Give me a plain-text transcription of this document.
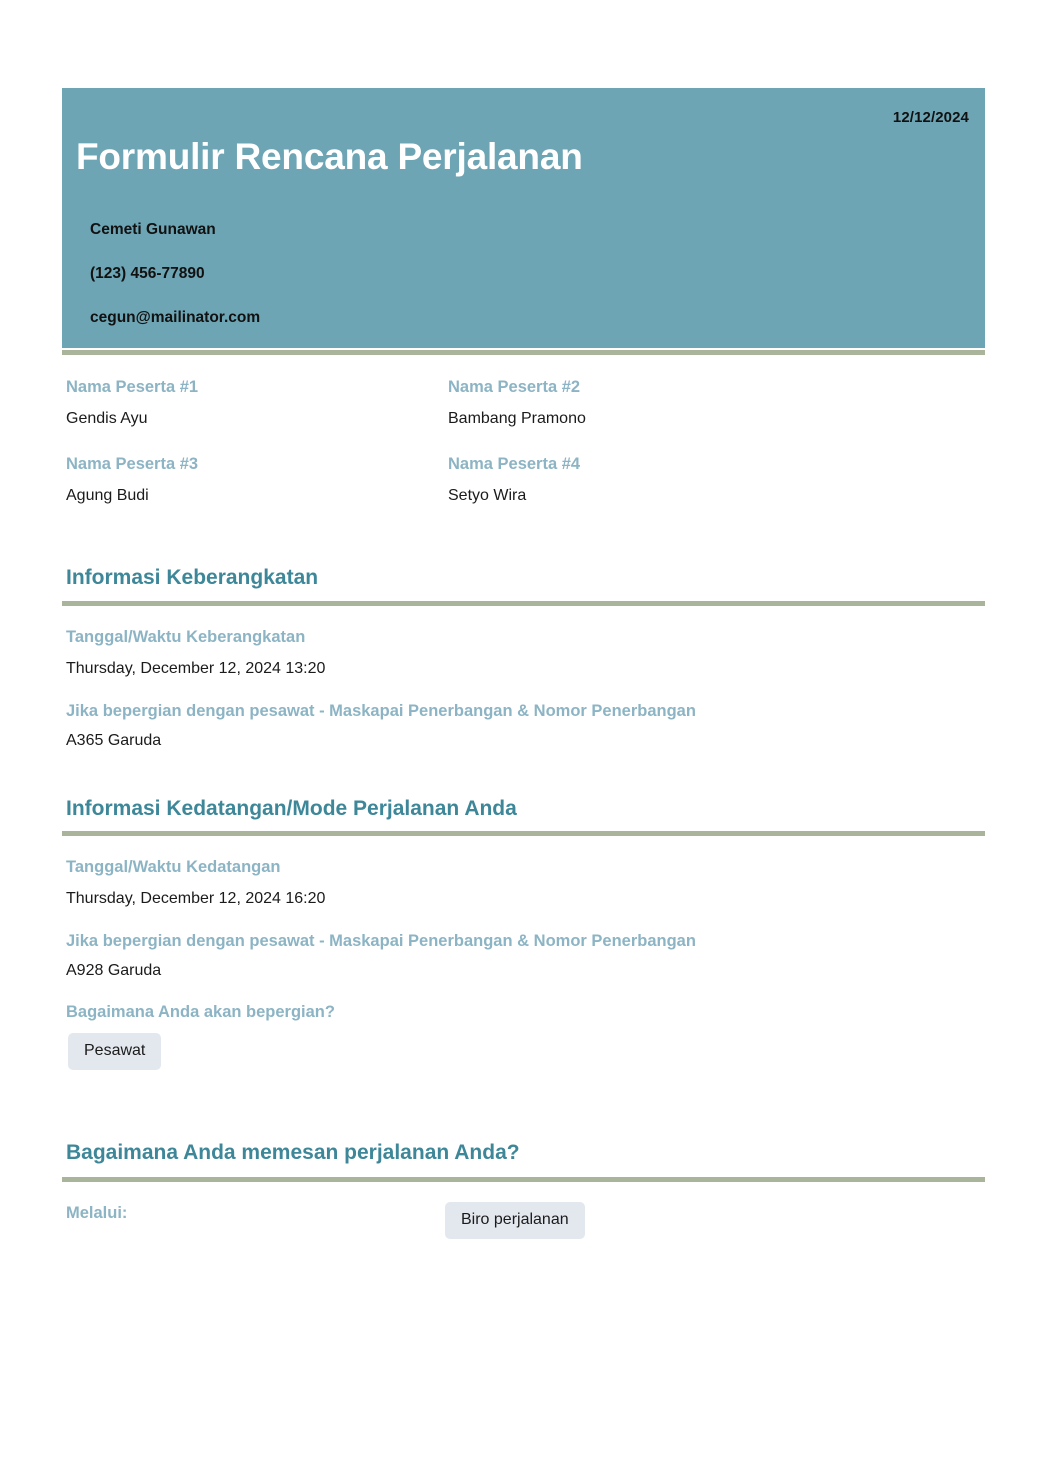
12/12/2024
Formulir Rencana Perjalanan
Cemeti Gunawan
(123) 456-77890
cegun@mailinator.com
Nama Peserta #1
Gendis Ayu
Nama Peserta #2
Bambang Pramono
Nama Peserta #3
Agung Budi
Nama Peserta #4
Setyo Wira
Informasi Keberangkatan
Tanggal/Waktu Keberangkatan
Thursday, December 12, 2024 13:20
Jika bepergian dengan pesawat - Maskapai Penerbangan & Nomor Penerbangan
A365 Garuda
Informasi Kedatangan/Mode Perjalanan Anda
Tanggal/Waktu Kedatangan
Thursday, December 12, 2024 16:20
Jika bepergian dengan pesawat - Maskapai Penerbangan & Nomor Penerbangan
A928 Garuda
Bagaimana Anda akan bepergian?
Pesawat
Bagaimana Anda memesan perjalanan Anda?
Melalui:	Biro perjalanan
